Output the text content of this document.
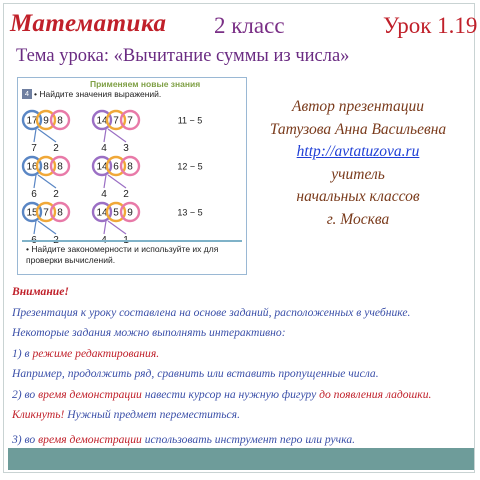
Математика 2 класс	Урок 1.19
Тема урока: «Вычитание суммы из числа»
Применяем новые знания
4 • Найдите значения выражений.
17 9 8
7 2
14 7 7
4 3
11 − 5
16 8 8
6 2
14 6 8
4 2
12 − 5
15 7 8	14 5 9	13 − 5
• Найдите закономерности и используйте их для проверки вычислений.
Автор презентации
Татузова Анна Васильевна
http://avtatuzova.ru
учитель
начальных классов
г. Москва
Внимание!
Презентация к уроку составлена на основе заданий, расположенных в учебнике.
Некоторые задания можно выполнять интерактивно:
1) в режиме редактирования.
Например, продолжить ряд, сравнить или вставить пропущенные числа.
2) во время демонстрации навести курсор на нужную фигуру до появления ладошки.
Кликнуть! Нужный предмет переместиться.
3) во время демонстрации использовать инструмент перо или ручка.
